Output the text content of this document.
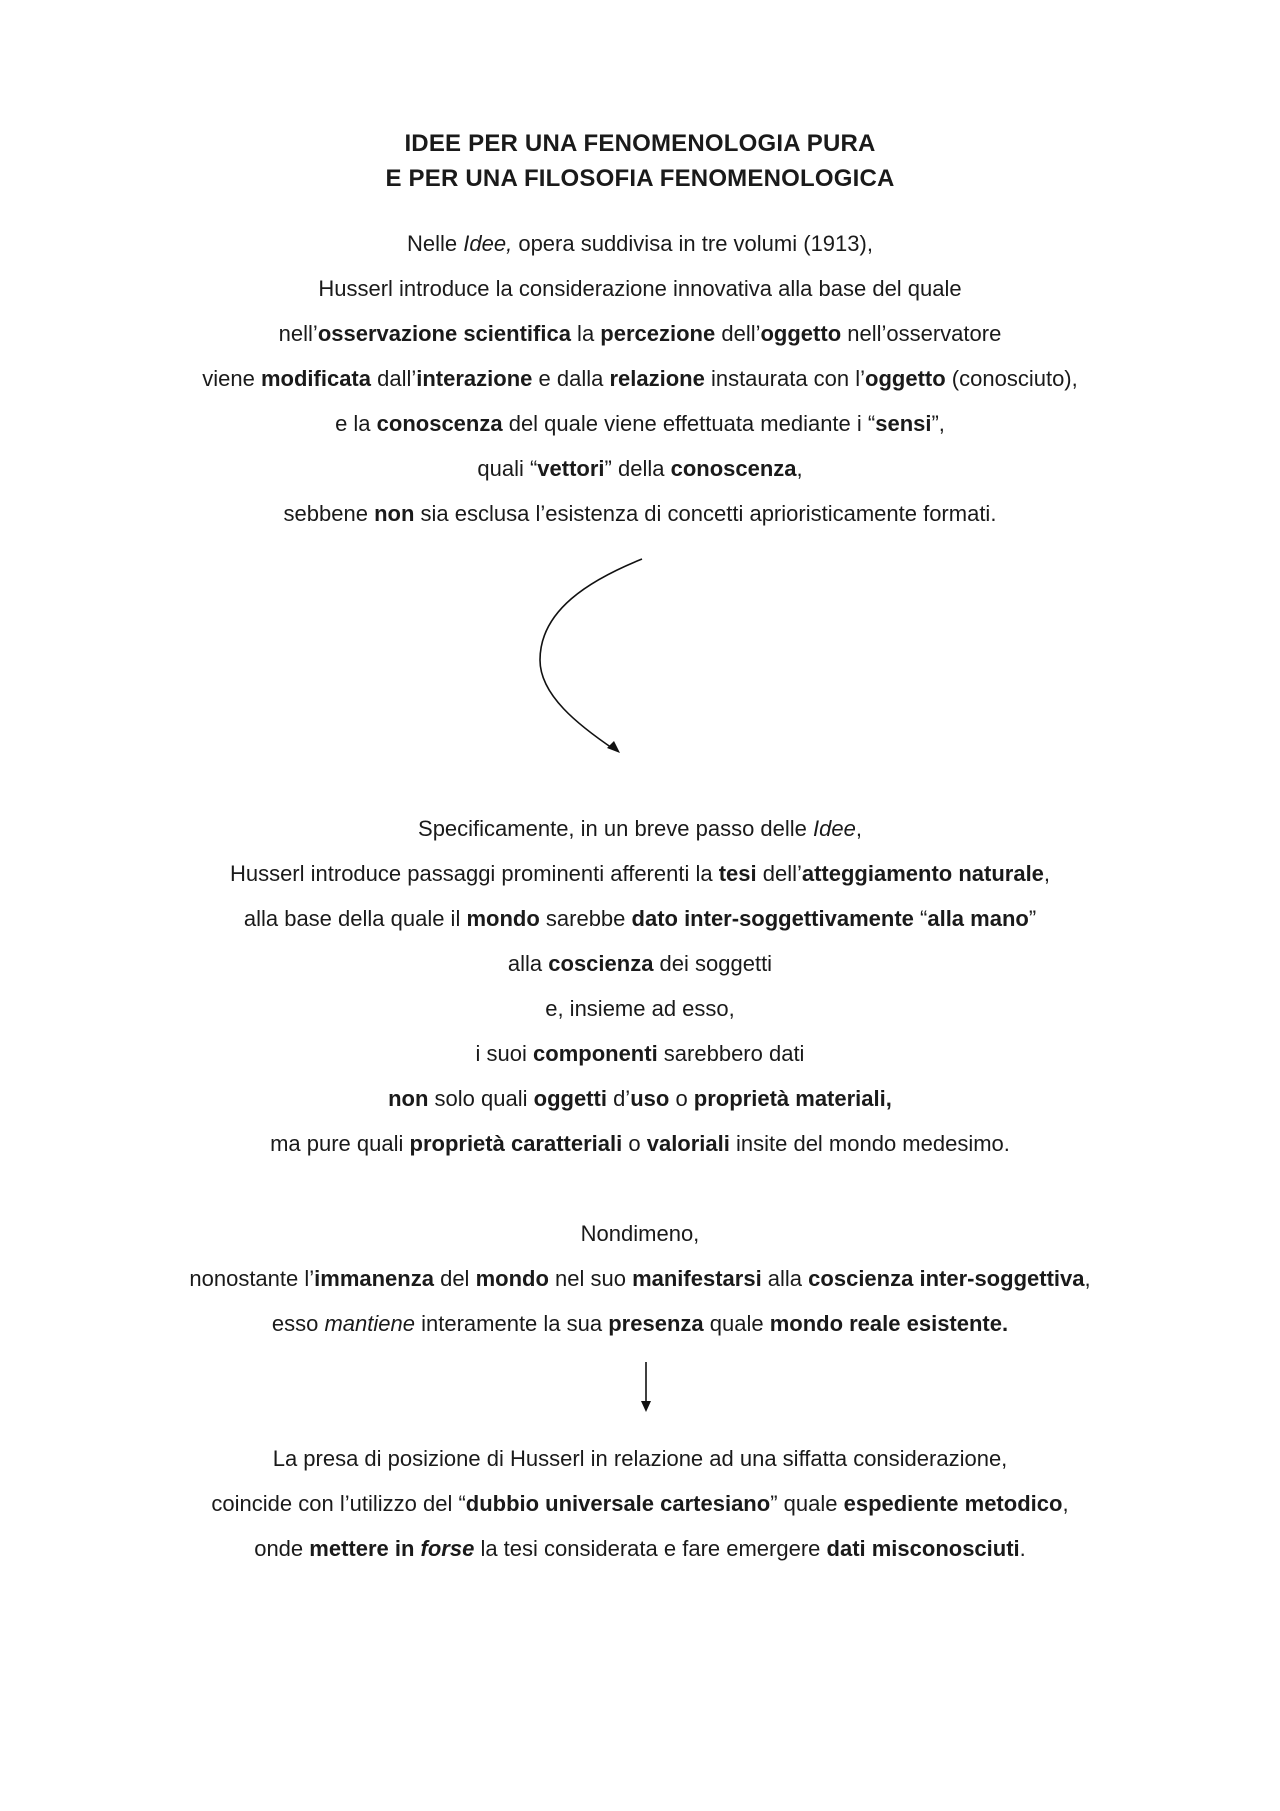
IDEE PER UNA FENOMENOLOGIA PURA
E PER UNA FILOSOFIA FENOMENOLOGICA
Nelle Idee, opera suddivisa in tre volumi (1913),
Husserl introduce la considerazione innovativa alla base del quale
nell’osservazione scientifica la percezione dell’oggetto nell’osservatore
viene modificata dall’interazione e dalla relazione instaurata con l’oggetto (conosciuto),
e la conoscenza del quale viene effettuata mediante i “sensi”,
quali “vettori” della conoscenza,
sebbene non sia esclusa l’esistenza di concetti aprioristicamente formati.
Specificamente, in un breve passo delle Idee,
Husserl introduce passaggi prominenti afferenti la tesi dell’atteggiamento naturale,
alla base della quale il mondo sarebbe dato inter-soggettivamente “alla mano”
alla coscienza dei soggetti
e, insieme ad esso,
i suoi componenti sarebbero dati
non solo quali oggetti d’uso o proprietà materiali,
ma pure quali proprietà caratteriali o valoriali insite del mondo medesimo.
Nondimeno,
nonostante l’immanenza del mondo nel suo manifestarsi alla coscienza inter-soggettiva,
esso mantiene interamente la sua presenza quale mondo reale esistente.
La presa di posizione di Husserl in relazione ad una siffatta considerazione,
coincide con l’utilizzo del “dubbio universale cartesiano” quale espediente metodico,
onde mettere in forse la tesi considerata e fare emergere dati misconosciuti.
